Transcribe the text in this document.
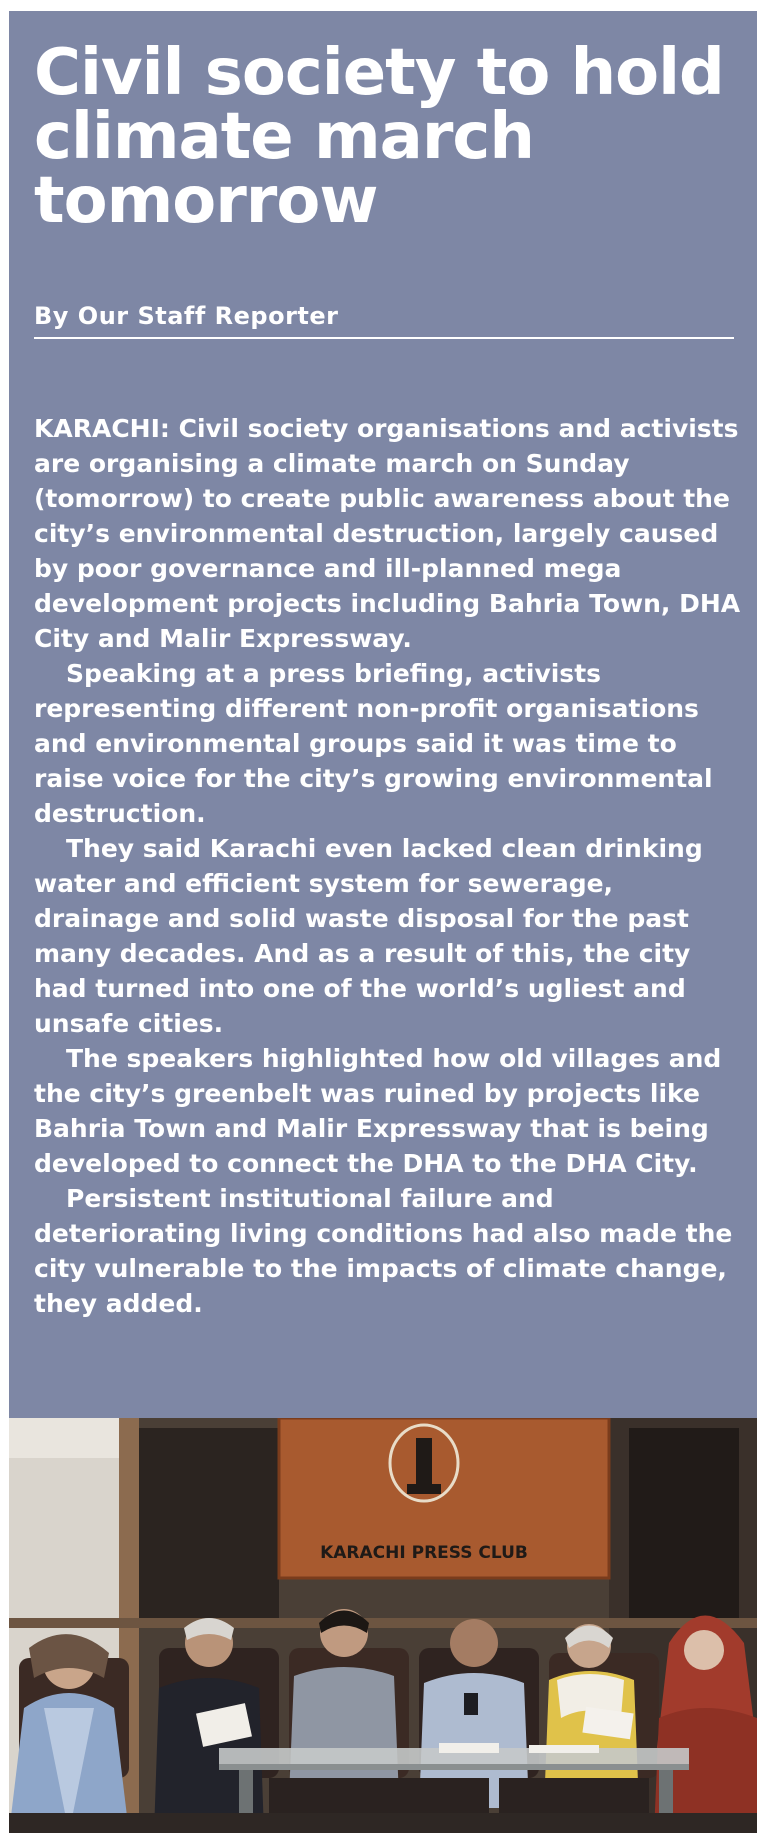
Civil society to hold climate march tomorrow
By Our Staff Reporter

KARACHI: Civil society organisations and activists are organising a climate march on Sunday (tomorrow) to create public awareness about the city’s environmental destruction, largely caused by poor governance and ill-planned mega development projects including Bahria Town, DHA City and Malir Expressway.

Speaking at a press briefing, activists representing different non-profit organisations and environmental groups said it was time to raise voice for the city’s growing environmental destruction.

They said Karachi even lacked clean drinking water and efficient system for sewerage, drainage and solid waste disposal for the past many decades. And as a result of this, the city had turned into one of the world’s ugliest and unsafe cities.

The speakers highlighted how old villages and the city’s greenbelt was ruined by projects like Bahria Town and Malir Expressway that is being developed to connect the DHA to the DHA City.

Persistent institutional failure and deteriorating living conditions had also made the city vulnerable to the impacts of climate change, they added.

KARACHI PRESS CLUB
